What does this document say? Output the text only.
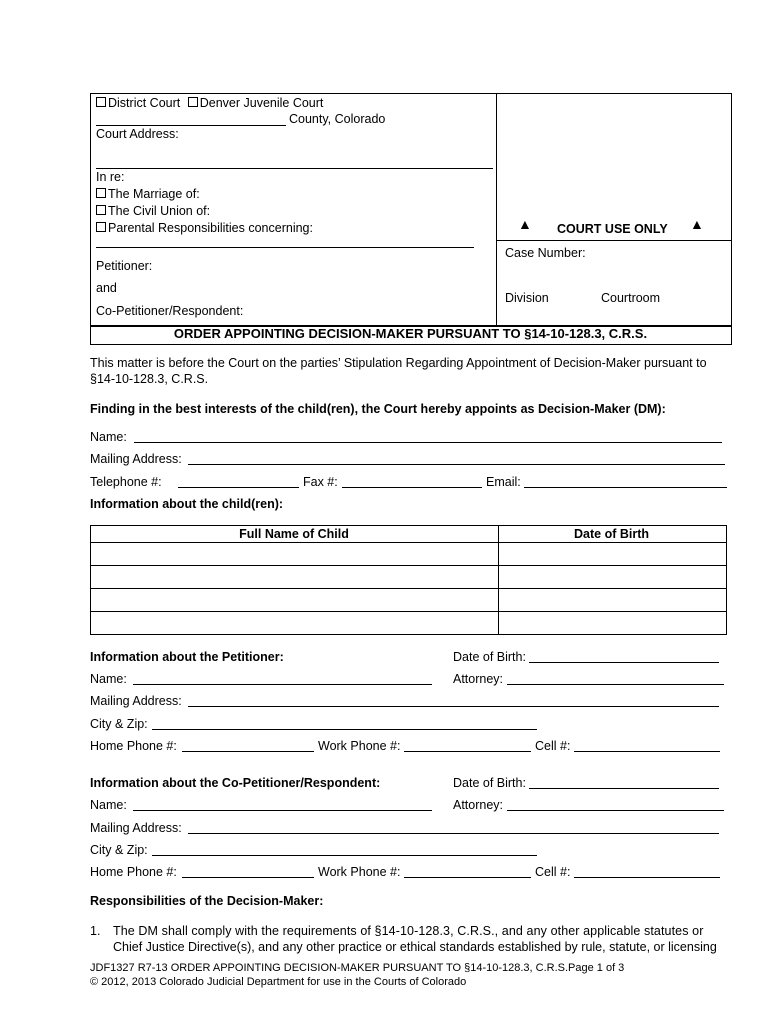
District Court Denver Juvenile Court
County, Colorado
Court Address:
In re:
The Marriage of:
The Civil Union of:
Parental Responsibilities concerning:
Petitioner:
and
Co-Petitioner/Respondent:
▲ COURT USE ONLY ▲
Case Number:
Division	Courtroom
ORDER APPOINTING DECISION-MAKER PURSUANT TO §14-10-128.3, C.R.S.
This matter is before the Court on the parties’ Stipulation Regarding Appointment of Decision-Maker pursuant to
§14-10-128.3, C.R.S.
Finding in the best interests of the child(ren), the Court hereby appoints as Decision-Maker (DM):
Name:
Mailing Address:
Telephone #:	Fax #:	Email:
Information about the child(ren):
Full Name of Child	Date of Birth
Information about the Petitioner:	Date of Birth:
Name:	Attorney:
Mailing Address:
City & Zip:
Home Phone #:	Work Phone #:	Cell #:
Information about the Co-Petitioner/Respondent:	Date of Birth:
Name:	Attorney:
Mailing Address:
City & Zip:
Home Phone #:	Work Phone #:	Cell #:
Responsibilities of the Decision-Maker:
1. The DM shall comply with the requirements of §14-10-128.3, C.R.S., and any other applicable statutes or
Chief Justice Directive(s), and any other practice or ethical standards established by rule, statute, or licensing
JDF1327 R7-13 ORDER APPOINTING DECISION-MAKER PURSUANT TO §14-10-128.3, C.R.S.Page 1 of 3
© 2012, 2013 Colorado Judicial Department for use in the Courts of Colorado
